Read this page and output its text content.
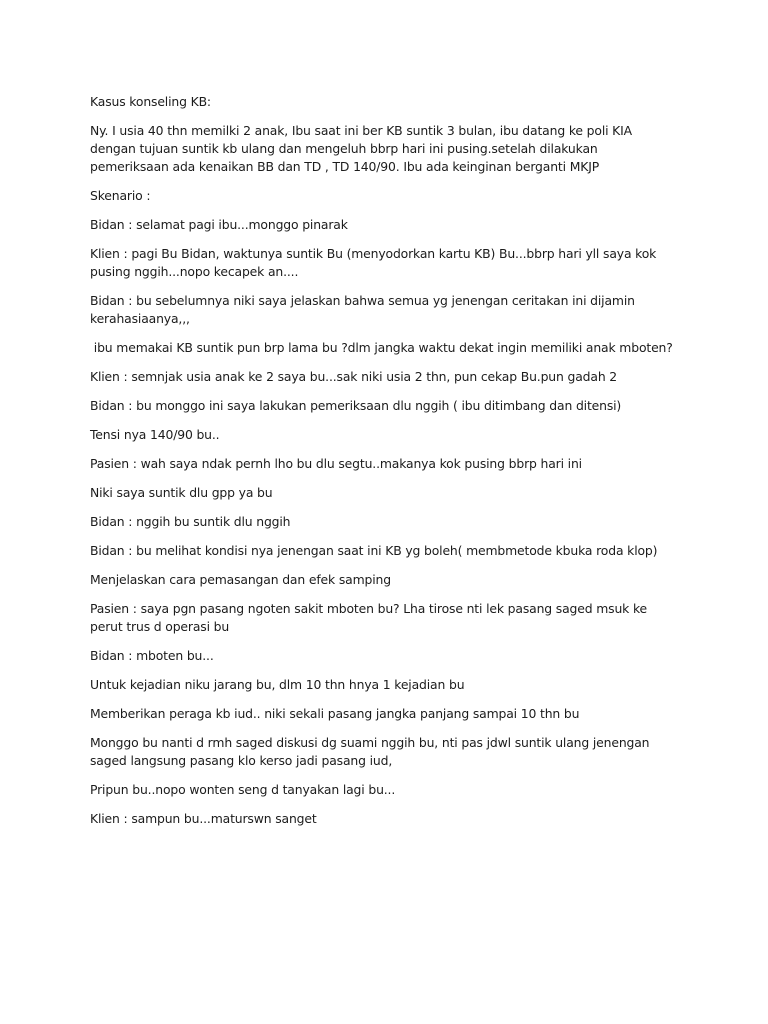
Kasus konseling KB:

Ny. I usia 40 thn memilki 2 anak, Ibu saat ini ber KB suntik 3 bulan, ibu datang ke poli KIA dengan tujuan suntik kb ulang dan mengeluh bbrp hari ini pusing.setelah dilakukan pemeriksaan ada kenaikan BB dan TD , TD 140/90. Ibu ada keinginan berganti MKJP

Skenario :

Bidan : selamat pagi ibu...monggo pinarak

Klien : pagi Bu Bidan, waktunya suntik Bu (menyodorkan kartu KB) Bu...bbrp hari yll saya kok pusing nggih...nopo kecapek an....

Bidan : bu sebelumnya niki saya jelaskan bahwa semua yg jenengan ceritakan ini dijamin kerahasiaanya,,,

ibu memakai KB suntik pun brp lama bu ?dlm jangka waktu dekat ingin memiliki anak mboten?

Klien : semnjak usia anak ke 2 saya bu...sak niki usia 2 thn, pun cekap Bu.pun gadah 2

Bidan : bu monggo ini saya lakukan pemeriksaan dlu nggih ( ibu ditimbang dan ditensi)

Tensi nya 140/90 bu..

Pasien : wah saya ndak pernh lho bu dlu segtu..makanya kok pusing bbrp hari ini

Niki saya suntik dlu gpp ya bu

Bidan : nggih bu suntik dlu nggih

Bidan : bu melihat kondisi nya jenengan saat ini KB yg boleh( membmetode kbuka roda klop)

Menjelaskan cara pemasangan dan efek samping

Pasien : saya pgn pasang ngoten sakit mboten bu? Lha tirose nti lek pasang saged msuk ke perut trus d operasi bu

Bidan : mboten bu...

Untuk kejadian niku jarang bu, dlm 10 thn hnya 1 kejadian bu

Memberikan peraga kb iud.. niki sekali pasang jangka panjang sampai 10 thn bu

Monggo bu nanti d rmh saged diskusi dg suami nggih bu, nti pas jdwl suntik ulang jenengan saged langsung pasang klo kerso jadi pasang iud,

Pripun bu..nopo wonten seng d tanyakan lagi bu...

Klien : sampun bu...maturswn sanget
